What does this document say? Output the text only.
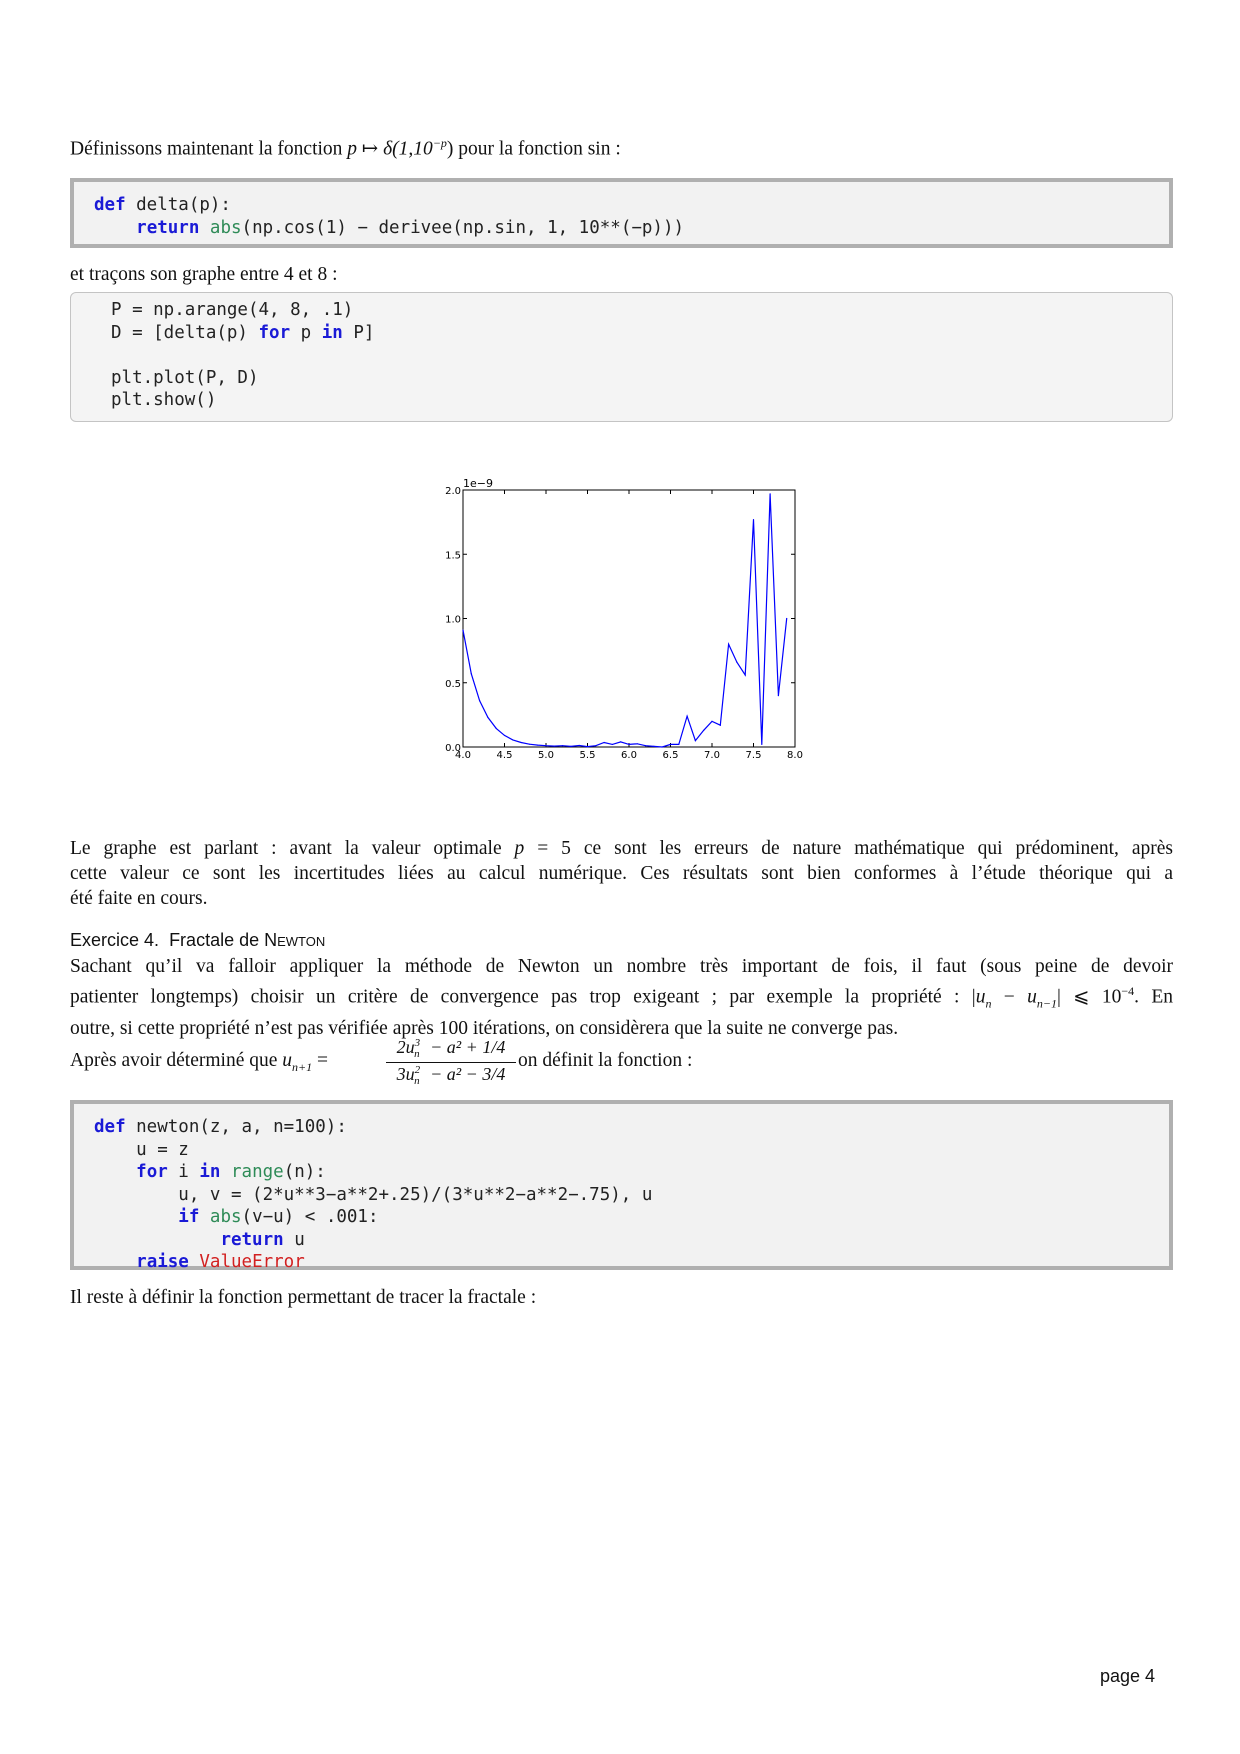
Définissons maintenant la fonction p ↦ $\delta(1,10^{-p})$ pour la fonction sin :

def delta(p):
return abs(np.cos(1) − derivee(np.sin, 1, 10**(−p)))

et traçons son graphe entre 4 et 8 :

P = np.arange(4, 8, .1)
D = [delta(p) for p in P]

plt.plot(P, D)
plt.show()
4.0	4.5	5.0	5.5	6.0	6.5	7.0	7.5	8.0
0.0
0.5
1.0
1.5
2.0
1e−9

Le graphe est parlant : avant la valeur optimale p = 5 ce sont les erreurs de nature mathématique qui prédominent, après

cette valeur ce sont les incertitudes liées au calcul numérique. Ces résultats sont bien conformes à l’étude théorique qui a

été faite en cours.

Exercice 4. Fractale de Newton

Sachant qu’il va falloir appliquer la méthode de Newton un nombre très important de fois, il faut (sous peine de devoir

patienter longtemps) choisir un critère de convergence pas trop exigeant ; par exemple la propriété : $|u_n - u_{n-1}|$ ⩽ $10^{-4}$. En

outre, si cette propriété n’est pas vérifiée après 100 itérations, on considèrera que la suite ne converge pas.

Après avoir déterminé que $u_{n+1}$ =	$\frac{2u^3_n - a^2 + 1/4}{3u^2_n - a^2 - 3/4}$ on définit la fonction :
def newton(z, a, n=100):
u = z
for i in range(n):
u, v = (2*u**3−a**2+.25)/(3*u**2−a**2−.75), u
if abs(v−u) < .001:
return u
raise ValueError

Il reste à définir la fonction permettant de tracer la fractale :

page 4
